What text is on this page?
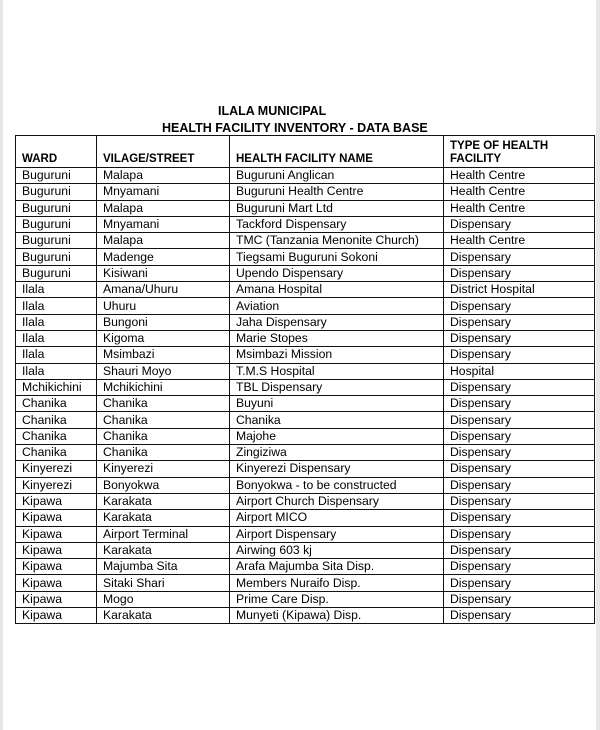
ILALA MUNICIPAL
HEALTH FACILITY INVENTORY - DATA BASE
WARD	VILAGE/STREET	HEALTH FACILITY NAME	TYPE OF HEALTH FACILITY
Buguruni	Malapa	Buguruni Anglican	Health Centre
Buguruni	Mnyamani	Buguruni Health Centre	Health Centre
Buguruni	Malapa	Buguruni Mart Ltd	Health Centre
Buguruni	Mnyamani	Tackford Dispensary	Dispensary
Buguruni	Malapa	TMC (Tanzania Menonite Church)	Health Centre
Buguruni	Madenge	Tiegsami Buguruni Sokoni	Dispensary
Buguruni	Kisiwani	Upendo Dispensary	Dispensary
Ilala	Amana/Uhuru	Amana Hospital	District Hospital
Ilala	Uhuru	Aviation	Dispensary
Ilala	Bungoni	Jaha Dispensary	Dispensary
Ilala	Kigoma	Marie Stopes	Dispensary
Ilala	Msimbazi	Msimbazi Mission	Dispensary
Ilala	Shauri Moyo	T.M.S Hospital	Hospital
Mchikichini	Mchikichini	TBL Dispensary	Dispensary
Chanika	Chanika	Buyuni	Dispensary
Chanika	Chanika	Chanika	Dispensary
Chanika	Chanika	Majohe	Dispensary
Chanika	Chanika	Zingiziwa	Dispensary
Kinyerezi	Kinyerezi	Kinyerezi Dispensary	Dispensary
Kinyerezi	Bonyokwa	Bonyokwa - to be constructed	Dispensary
Kipawa	Karakata	Airport Church Dispensary	Dispensary
Kipawa	Karakata	Airport MICO	Dispensary
Kipawa	Airport Terminal	Airport Dispensary	Dispensary
Kipawa	Karakata	Airwing 603 kj	Dispensary
Kipawa	Majumba Sita	Arafa Majumba Sita Disp.	Dispensary
Kipawa	Sitaki Shari	Members Nuraifo Disp.	Dispensary
Kipawa	Mogo	Prime Care Disp.	Dispensary
Kipawa	Karakata	Munyeti (Kipawa) Disp.	Dispensary
